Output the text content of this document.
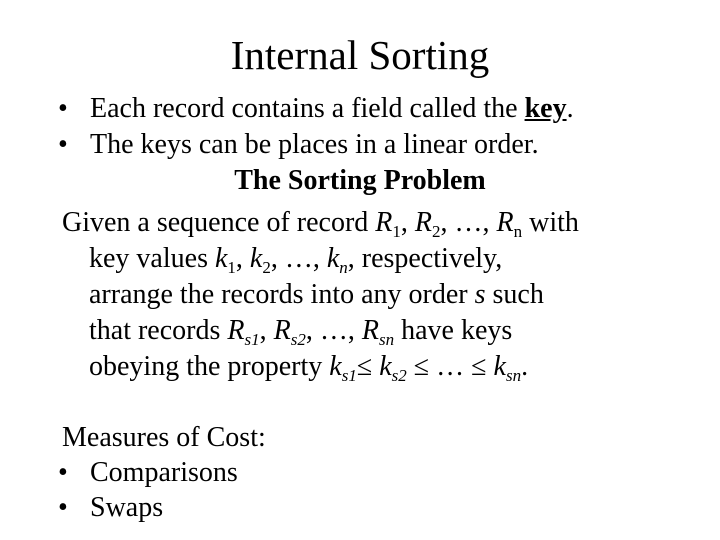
Internal Sorting
• Each record contains a field called the key.
• The keys can be places in a linear order.
The Sorting Problem
Given a sequence of record $R_1$, $R_2$, …, $R_n$ with
key values $k_1$, $k_2$, …, $k_n$, respectively,
arrange the records into any order s such
that records $R_{s1}$, $R_{s2}$, …, $R_{sn}$ have keys
obeying the property $k_{s1}\le k_{s2}$ ≤ … ≤ $k_{sn}$.
Measures of Cost:
• Comparisons
• Swaps
